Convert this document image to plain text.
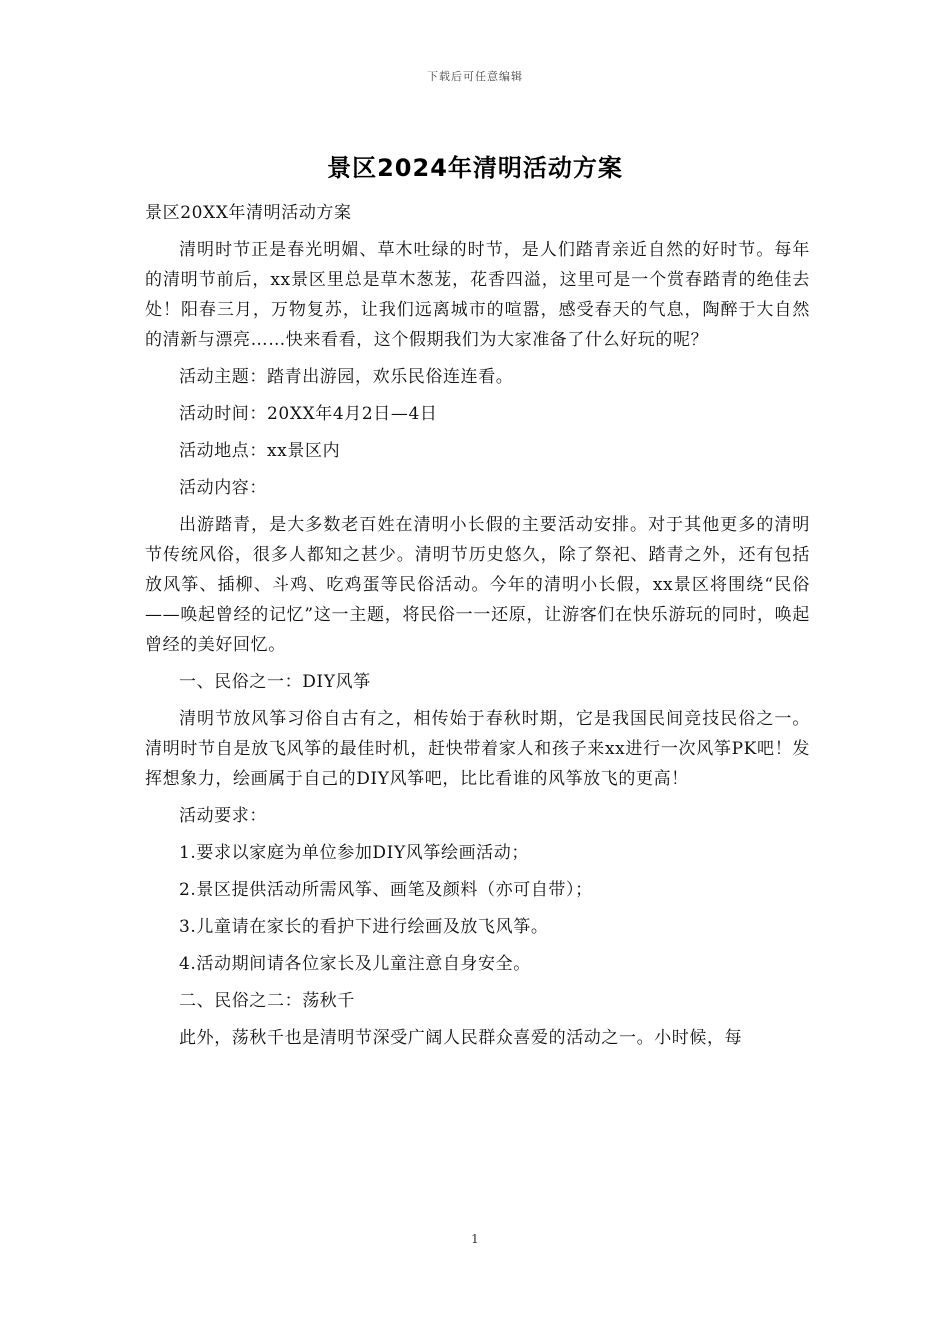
下载后可任意编辑
景区2024年清明活动方案

景区20XX年清明活动方案

清明时节正是春光明媚、草木吐绿的时节，是人们踏青亲近自然的好时节。每年的清明节前后，xx景区里总是草木葱茏，花香四溢，这里可是一个赏春踏青的绝佳去处！阳春三月，万物复苏，让我们远离城市的喧嚣，感受春天的气息，陶醉于大自然的清新与漂亮……快来看看，这个假期我们为大家准备了什么好玩的呢？

活动主题：踏青出游园，欢乐民俗连连看。

活动时间：20XX年4月2日—4日

活动地点：xx景区内

活动内容：

出游踏青，是大多数老百姓在清明小长假的主要活动安排。对于其他更多的清明节传统风俗，很多人都知之甚少。清明节历史悠久，除了祭祀、踏青之外，还有包括放风筝、插柳、斗鸡、吃鸡蛋等民俗活动。今年的清明小长假，xx景区将围绕“民俗——唤起曾经的记忆”这一主题，将民俗一一还原，让游客们在快乐游玩的同时，唤起曾经的美好回忆。

一、民俗之一：DIY风筝

清明节放风筝习俗自古有之，相传始于春秋时期，它是我国民间竞技民俗之一。清明时节自是放飞风筝的最佳时机，赶快带着家人和孩子来xx进行一次风筝PK吧！发挥想象力，绘画属于自己的DIY风筝吧，比比看谁的风筝放飞的更高！

活动要求：

1.要求以家庭为单位参加DIY风筝绘画活动；

2.景区提供活动所需风筝、画笔及颜料（亦可自带）；

3.儿童请在家长的看护下进行绘画及放飞风筝。

4.活动期间请各位家长及儿童注意自身安全。

二、民俗之二：荡秋千

此外，荡秋千也是清明节深受广阔人民群众喜爱的活动之一。小时候，每

1
